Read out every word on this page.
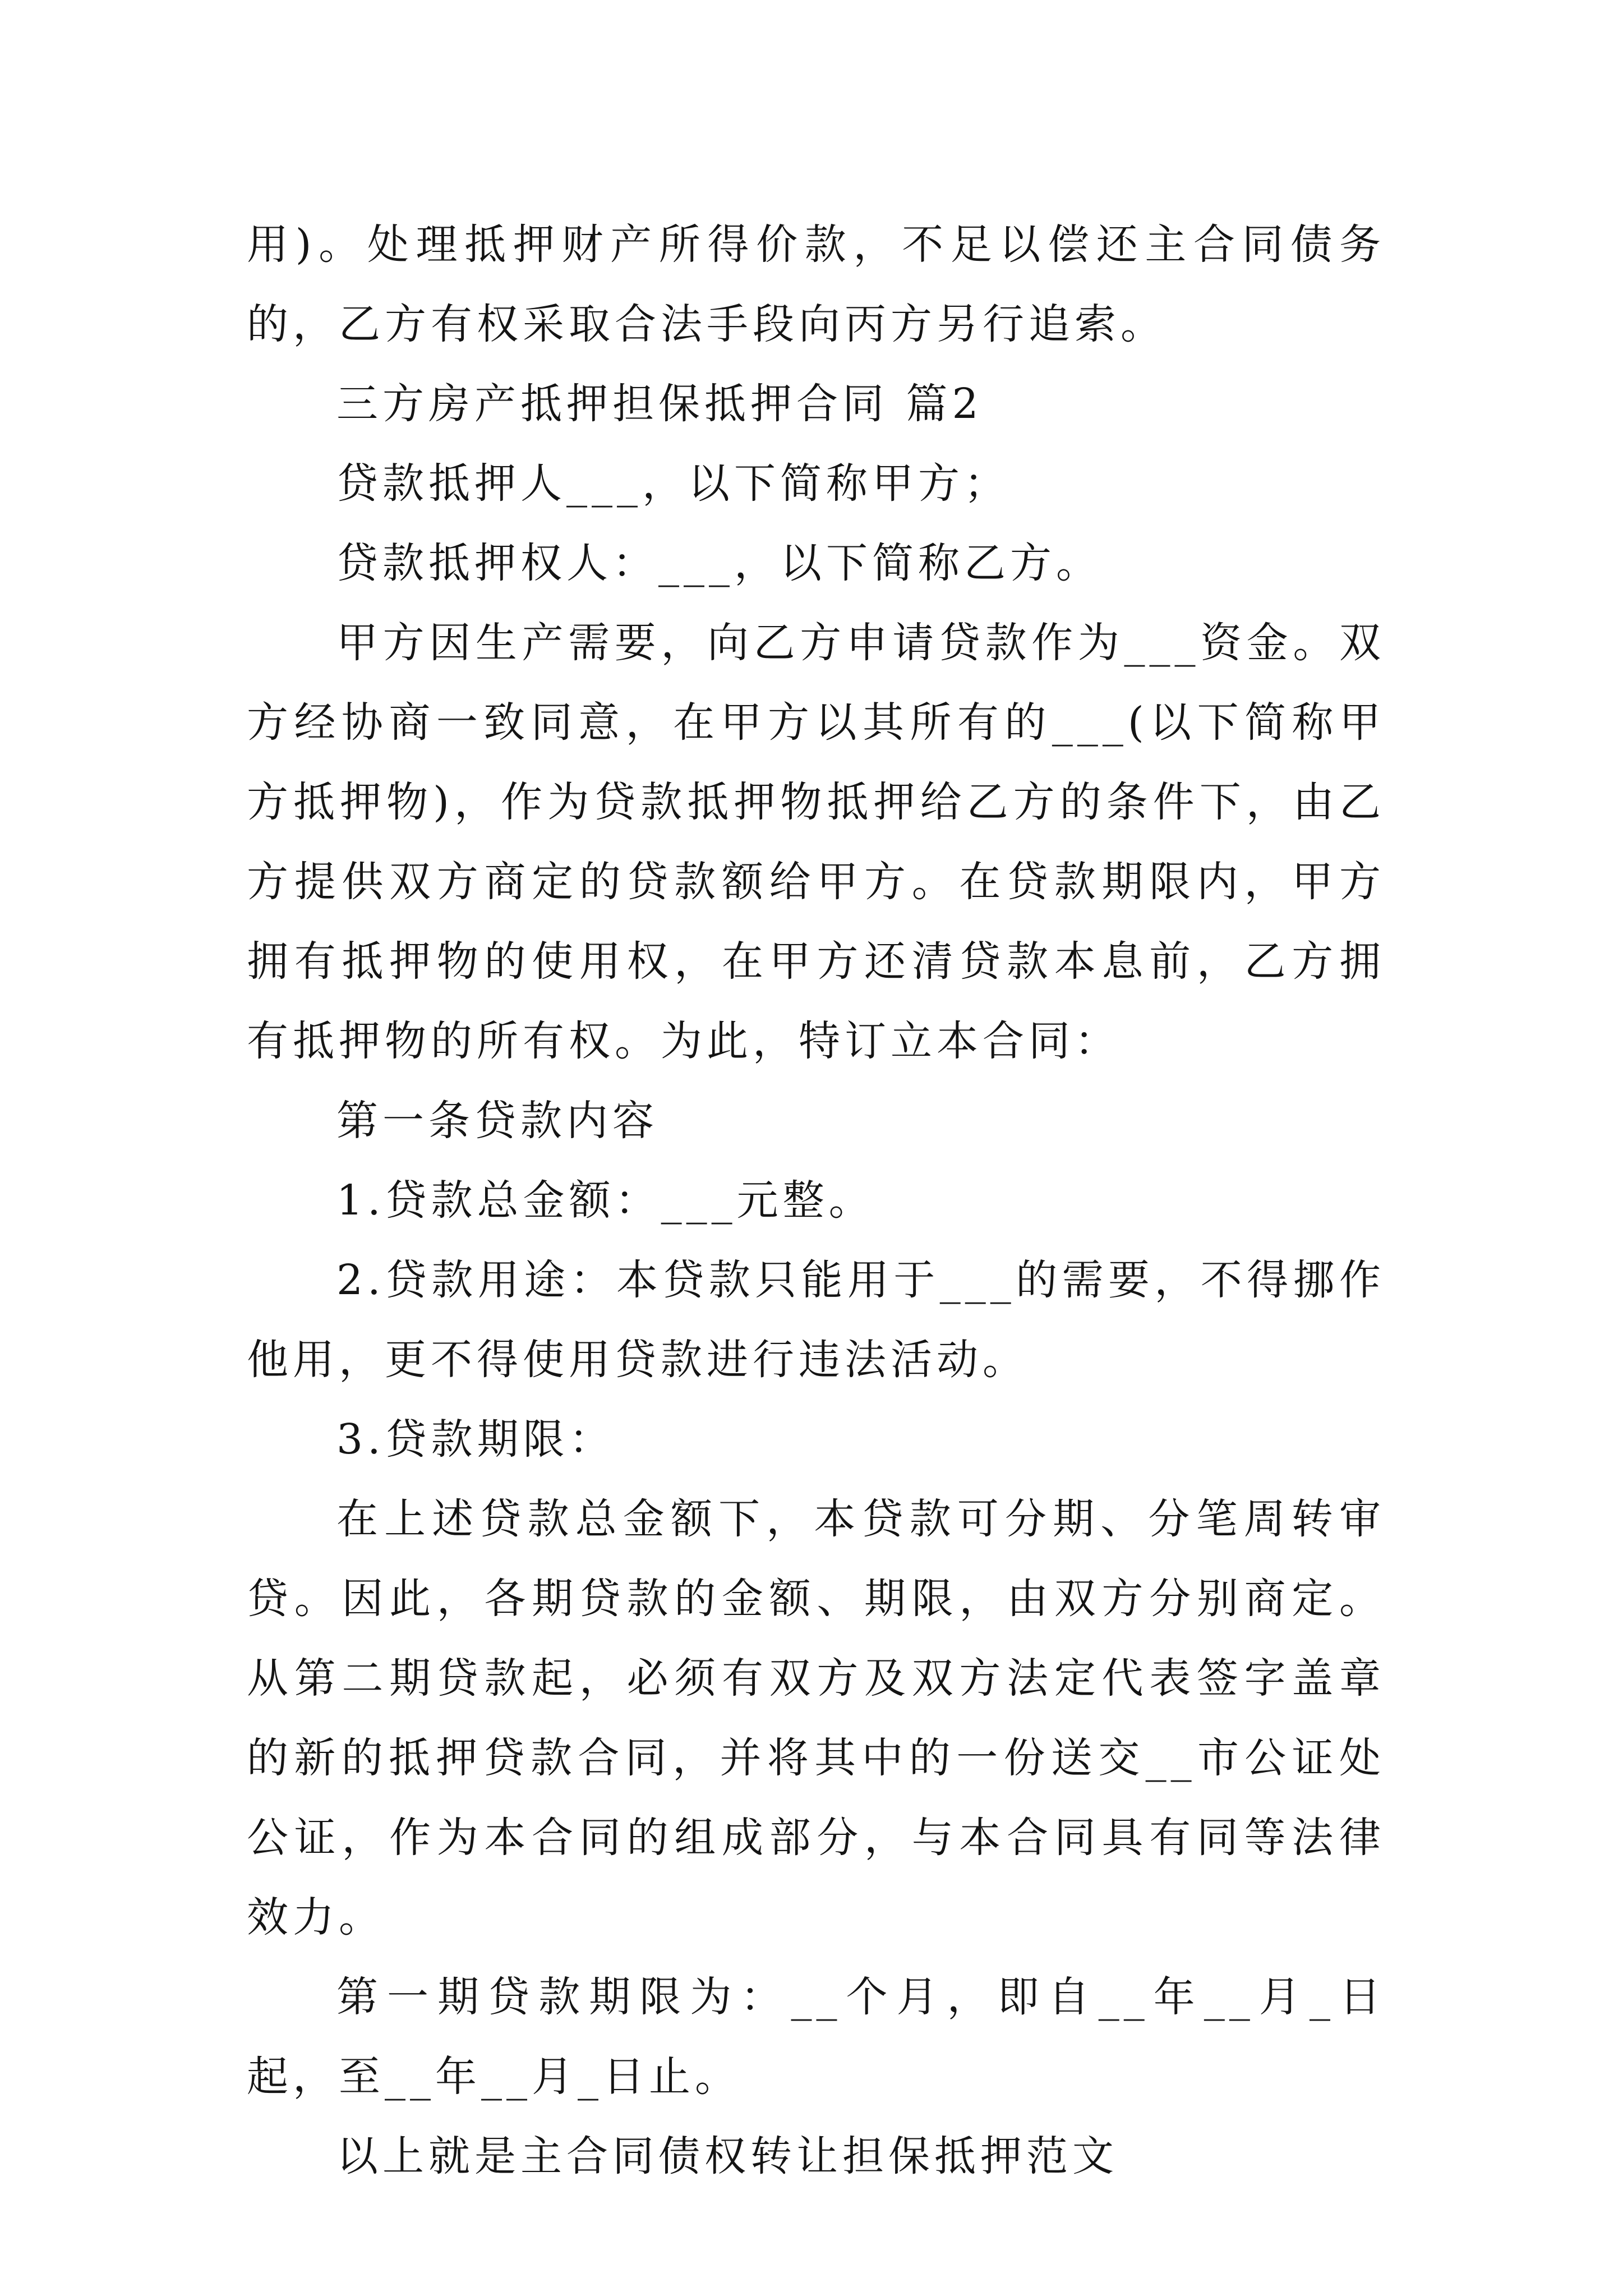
用)。处理抵押财产所得价款，不足以偿还主合同债务的，乙方有权采取合法手段向丙方另行追索。

三方房产抵押担保抵押合同 篇2

贷款抵押人___，以下简称甲方；

贷款抵押权人：___，以下简称乙方。

甲方因生产需要，向乙方申请贷款作为___资金。双方经协商一致同意，在甲方以其所有的___(以下简称甲方抵押物)，作为贷款抵押物抵押给乙方的条件下，由乙方提供双方商定的贷款额给甲方。在贷款期限内，甲方拥有抵押物的使用权，在甲方还清贷款本息前，乙方拥有抵押物的所有权。为此，特订立本合同：

第一条贷款内容

1.贷款总金额：___元整。

2.贷款用途：本贷款只能用于___的需要，不得挪作他用，更不得使用贷款进行违法活动。

3.贷款期限：

在上述贷款总金额下，本贷款可分期、分笔周转审贷。因此，各期贷款的金额、期限，由双方分别商定。从第二期贷款起，必须有双方及双方法定代表签字盖章的新的抵押贷款合同，并将其中的一份送交__市公证处公证，作为本合同的组成部分，与本合同具有同等法律效力。

第一期贷款期限为：__个月，即自__年__月_日起，至__年__月_日止。

以上就是主合同债权转让担保抵押范文
